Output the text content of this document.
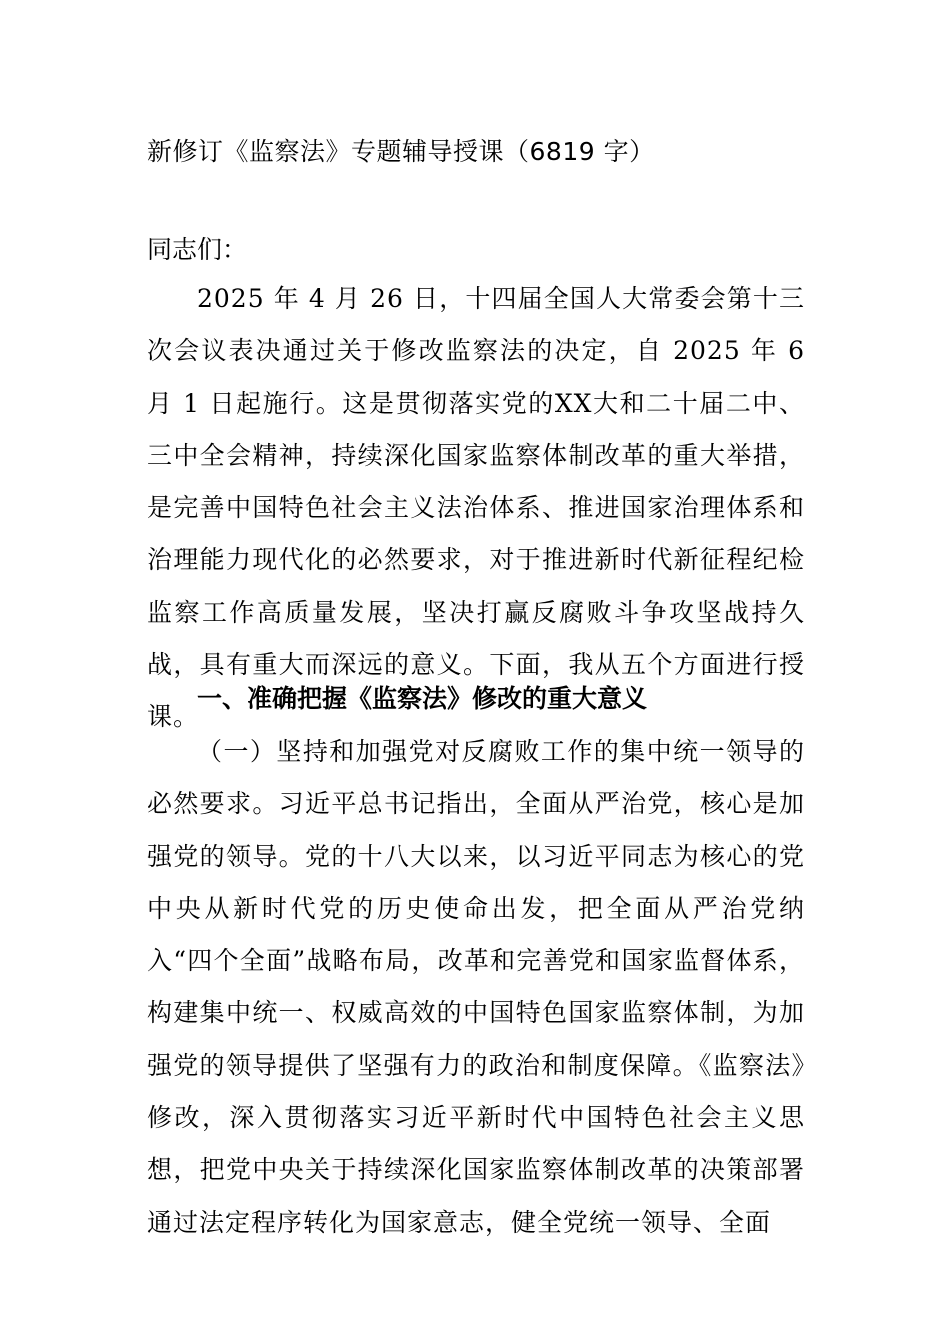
新修订《监察法》专题辅导授课（6819 字）

同志们：

2025 年 4 月 26 日，十四届全国人大常委会第十三次会议表决通过关于修改监察法的决定，自 2025 年 6 月 1 日起施行。这是贯彻落实党的XX大和二十届二中、三中全会精神，持续深化国家监察体制改革的重大举措，是完善中国特色社会主义法治体系、推进国家治理体系和治理能力现代化的必然要求，对于推进新时代新征程纪检监察工作高质量发展，坚决打赢反腐败斗争攻坚战持久战，具有重大而深远的意义。下面，我从五个方面进行授课。

一、准确把握《监察法》修改的重大意义

（一）坚持和加强党对反腐败工作的集中统一领导的必然要求。习近平总书记指出，全面从严治党，核心是加强党的领导。党的十八大以来，以习近平同志为核心的党中央从新时代党的历史使命出发，把全面从严治党纳入“四个全面”战略布局，改革和完善党和国家监督体系，构建集中统一、权威高效的中国特色国家监察体制，为加强党的领导提供了坚强有力的政治和制度保障。《监察法》修改，深入贯彻落实习近平新时代中国特色社会主义思想，把党中央关于持续深化国家监察体制改革的决策部署通过法定程序转化为国家意志，健全党统一领导、全面
